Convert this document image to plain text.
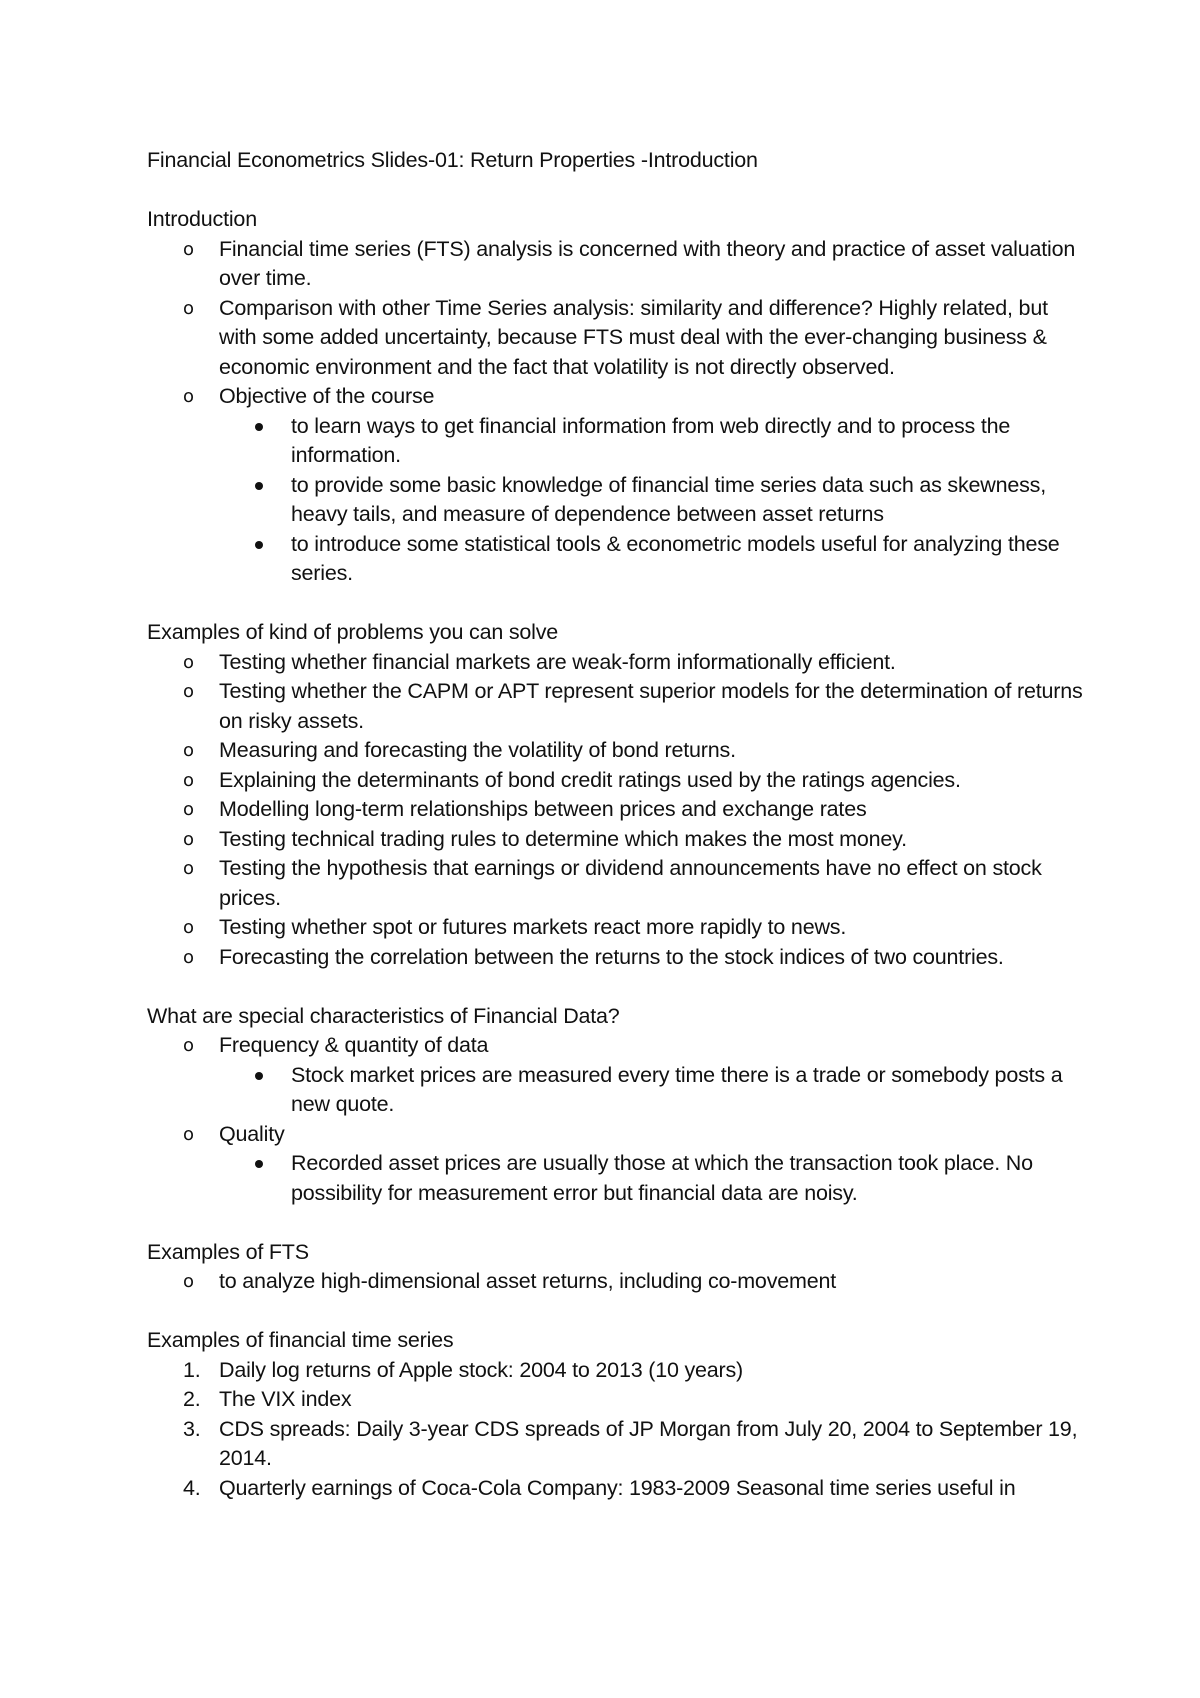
Financial Econometrics Slides-01: Return Properties -Introduction

Introduction

o	Financial time series (FTS) analysis is concerned with theory and practice of asset valuation over time.

o	Comparison with other Time Series analysis: similarity and difference? Highly related, but with some added uncertainty, because FTS must deal with the ever-changing business & economic environment and the fact that volatility is not directly observed.

o	Objective of the course

to learn ways to get financial information from web directly and to process the information.

to provide some basic knowledge of financial time series data such as skewness, heavy tails, and measure of dependence between asset returns

to introduce some statistical tools & econometric models useful for analyzing these series.

Examples of kind of problems you can solve

o	Testing whether financial markets are weak-form informationally efficient.

o	Testing whether the CAPM or APT represent superior models for the determination of returns on risky assets.

o	Measuring and forecasting the volatility of bond returns.

o	Explaining the determinants of bond credit ratings used by the ratings agencies.

o	Modelling long-term relationships between prices and exchange rates

o	Testing technical trading rules to determine which makes the most money.

o	Testing the hypothesis that earnings or dividend announcements have no effect on stock prices.

o	Testing whether spot or futures markets react more rapidly to news.

o	Forecasting the correlation between the returns to the stock indices of two countries.

What are special characteristics of Financial Data?

o	Frequency & quantity of data

Stock market prices are measured every time there is a trade or somebody posts a new quote.

o	Quality

Recorded asset prices are usually those at which the transaction took place. No possibility for measurement error but financial data are noisy.

Examples of FTS

o	to analyze high-dimensional asset returns, including co-movement

Examples of financial time series

1. Daily log returns of Apple stock: 2004 to 2013 (10 years)

2. The VIX index

3. CDS spreads: Daily 3-year CDS spreads of JP Morgan from July 20, 2004 to September 19, 2014.

4. Quarterly earnings of Coca-Cola Company: 1983-2009 Seasonal time series useful in
